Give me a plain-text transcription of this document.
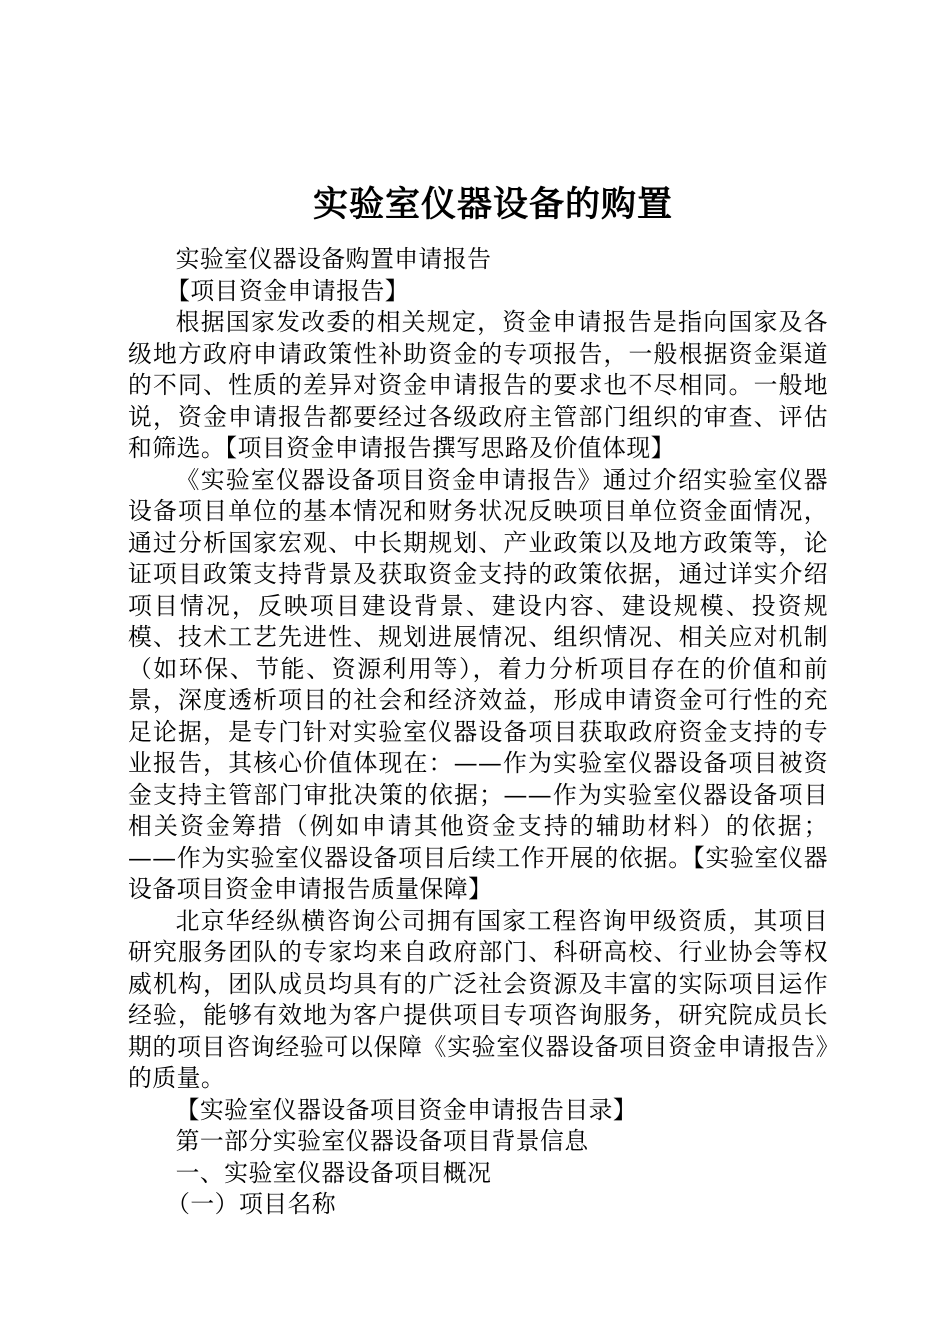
实验室仪器设备的购置

实验室仪器设备购置申请报告

【项目资金申请报告】

根据国家发改委的相关规定，资金申请报告是指向国家及各级地方政府申请政策性补助资金的专项报告，一般根据资金渠道的不同、性质的差异对资金申请报告的要求也不尽相同。一般地说，资金申请报告都要经过各级政府主管部门组织的审查、评估和筛选。【项目资金申请报告撰写思路及价值体现】

《实验室仪器设备项目资金申请报告》通过介绍实验室仪器设备项目单位的基本情况和财务状况反映项目单位资金面情况，通过分析国家宏观、中长期规划、产业政策以及地方政策等，论证项目政策支持背景及获取资金支持的政策依据，通过详实介绍项目情况，反映项目建设背景、建设内容、建设规模、投资规模、技术工艺先进性、规划进展情况、组织情况、相关应对机制（如环保、节能、资源利用等），着力分析项目存在的价值和前景，深度透析项目的社会和经济效益，形成申请资金可行性的充足论据，是专门针对实验室仪器设备项目获取政府资金支持的专业报告，其核心价值体现在：——作为实验室仪器设备项目被资金支持主管部门审批决策的依据；——作为实验室仪器设备项目相关资金筹措（例如申请其他资金支持的辅助材料）的依据；——作为实验室仪器设备项目后续工作开展的依据。【实验室仪器设备项目资金申请报告质量保障】

北京华经纵横咨询公司拥有国家工程咨询甲级资质，其项目研究服务团队的专家均来自政府部门、科研高校、行业协会等权威机构，团队成员均具有的广泛社会资源及丰富的实际项目运作经验，能够有效地为客户提供项目专项咨询服务，研究院成员长期的项目咨询经验可以保障《实验室仪器设备项目资金申请报告》的质量。

【实验室仪器设备项目资金申请报告目录】

第一部分实验室仪器设备项目背景信息

一、实验室仪器设备项目概况

（一）项目名称
